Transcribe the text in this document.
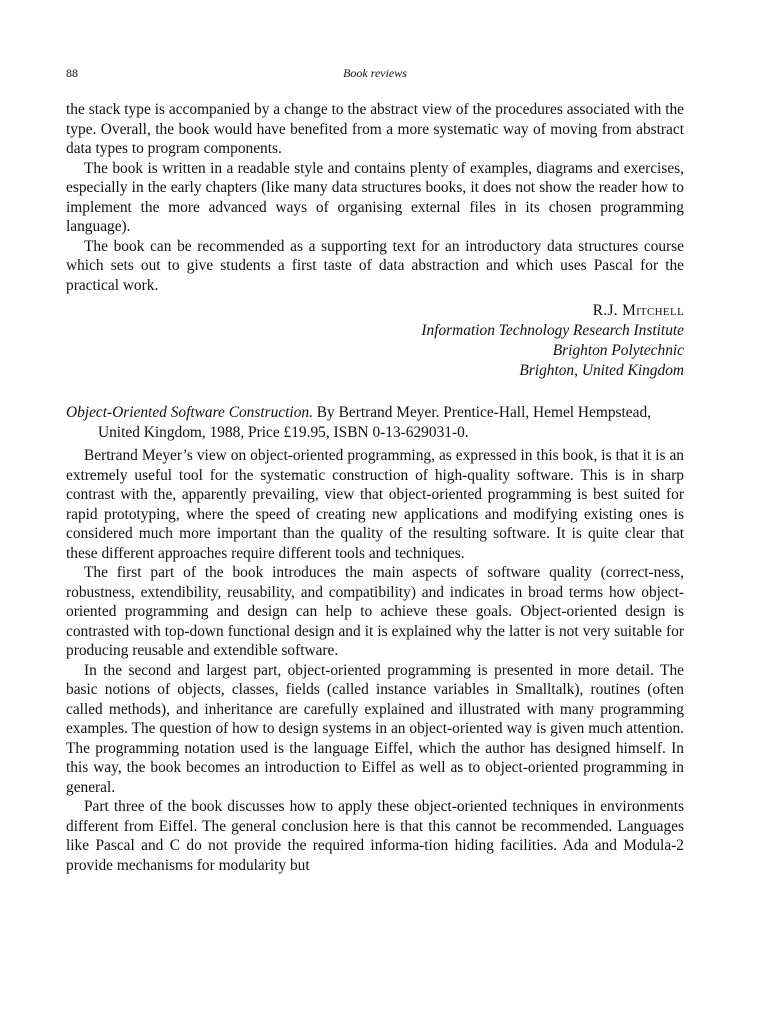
88	Book reviews

the stack type is accompanied by a change to the abstract view of the procedures associated with the type. Overall, the book would have benefited from a more systematic way of moving from abstract data types to program components.

The book is written in a readable style and contains plenty of examples, diagrams and exercises, especially in the early chapters (like many data structures books, it does not show the reader how to implement the more advanced ways of organising external files in its chosen programming language).

The book can be recommended as a supporting text for an introductory data structures course which sets out to give students a first taste of data abstraction and which uses Pascal for the practical work.

R.J. Mitchell
Information Technology Research Institute
Brighton Polytechnic
Brighton, United Kingdom
Object-Oriented Software Construction. By Bertrand Meyer. Prentice-Hall, Hemel Hempstead, United Kingdom, 1988, Price £19.95, ISBN 0-13-629031-0.

Bertrand Meyer’s view on object-oriented programming, as expressed in this book, is that it is an extremely useful tool for the systematic construction of high-quality software. This is in sharp contrast with the, apparently prevailing, view that object-oriented programming is best suited for rapid prototyping, where the speed of creating new applications and modifying existing ones is considered much more important than the quality of the resulting software. It is quite clear that these different approaches require different tools and techniques.

The first part of the book introduces the main aspects of software quality (correct-ness, robustness, extendibility, reusability, and compatibility) and indicates in broad terms how object-oriented programming and design can help to achieve these goals. Object-oriented design is contrasted with top-down functional design and it is explained why the latter is not very suitable for producing reusable and extendible software.

In the second and largest part, object-oriented programming is presented in more detail. The basic notions of objects, classes, fields (called instance variables in Smalltalk), routines (often called methods), and inheritance are carefully explained and illustrated with many programming examples. The question of how to design systems in an object-oriented way is given much attention. The programming notation used is the language Eiffel, which the author has designed himself. In this way, the book becomes an introduction to Eiffel as well as to object-oriented programming in general.

Part three of the book discusses how to apply these object-oriented techniques in environments different from Eiffel. The general conclusion here is that this cannot be recommended. Languages like Pascal and C do not provide the required informa-tion hiding facilities. Ada and Modula-2 provide mechanisms for modularity but
